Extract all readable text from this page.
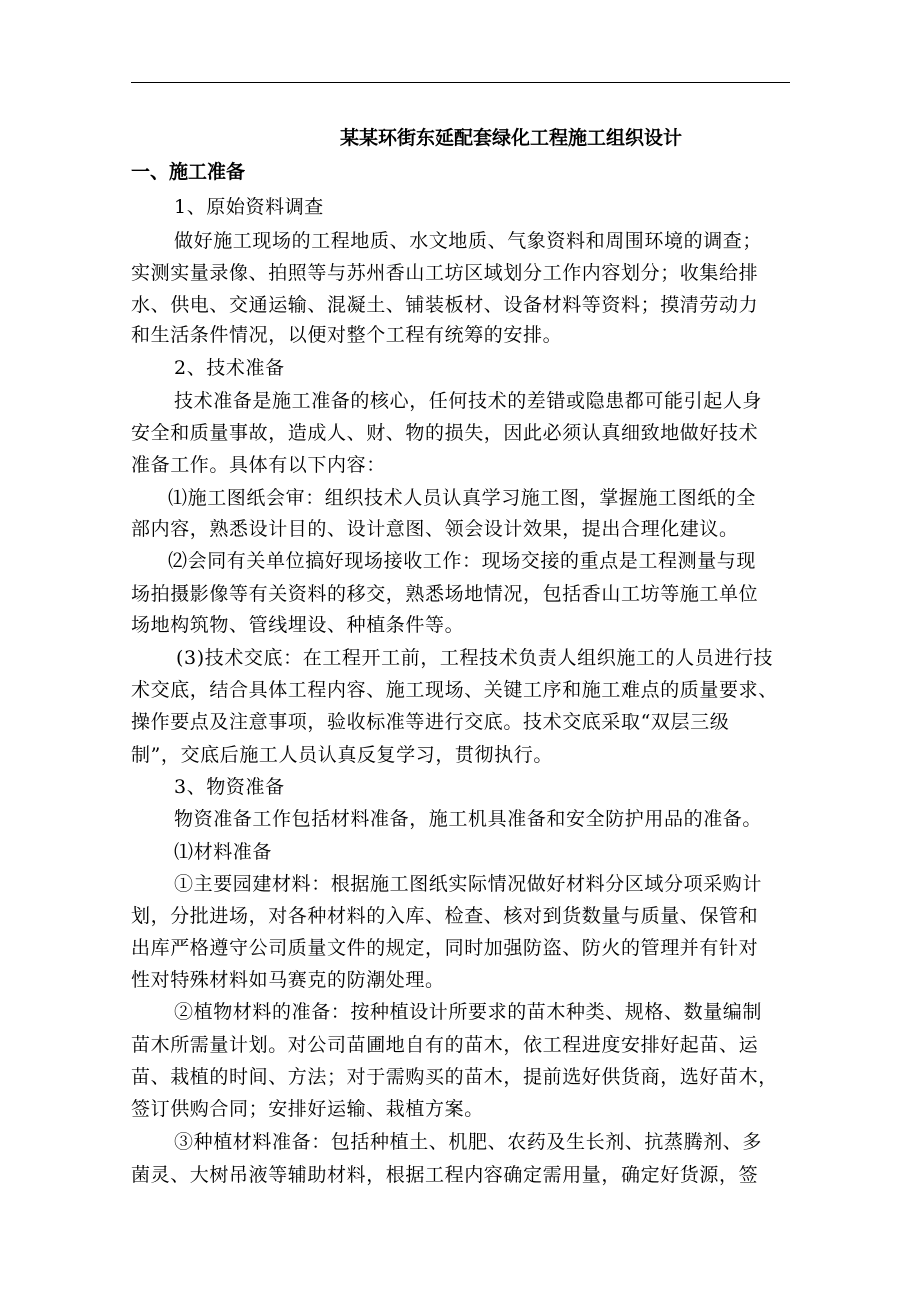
某某环街东延配套绿化工程施工组织设计
一、施工准备
1、原始资料调查
做好施工现场的工程地质、水文地质、气象资料和周围环境的调查；
实测实量录像、拍照等与苏州香山工坊区域划分工作内容划分；收集给排
水、供电、交通运输、混凝土、铺装板材、设备材料等资料；摸清劳动力
和生活条件情况，以便对整个工程有统筹的安排。
2、技术准备
技术准备是施工准备的核心，任何技术的差错或隐患都可能引起人身
安全和质量事故，造成人、财、物的损失，因此必须认真细致地做好技术
准备工作。具体有以下内容：
⑴施工图纸会审：组织技术人员认真学习施工图，掌握施工图纸的全
部内容，熟悉设计目的、设计意图、领会设计效果，提出合理化建议。
⑵会同有关单位搞好现场接收工作：现场交接的重点是工程测量与现
场拍摄影像等有关资料的移交，熟悉场地情况，包括香山工坊等施工单位
场地构筑物、管线埋设、种植条件等。
(3)技术交底：在工程开工前，工程技术负责人组织施工的人员进行技
术交底，结合具体工程内容、施工现场、关键工序和施工难点的质量要求、
操作要点及注意事项，验收标准等进行交底。技术交底采取“双层三级
制”，交底后施工人员认真反复学习，贯彻执行。
3、物资准备
物资准备工作包括材料准备，施工机具准备和安全防护用品的准备。
⑴材料准备
①主要园建材料：根据施工图纸实际情况做好材料分区域分项采购计
划，分批进场，对各种材料的入库、检查、核对到货数量与质量、保管和
出库严格遵守公司质量文件的规定，同时加强防盗、防火的管理并有针对
性对特殊材料如马赛克的防潮处理。
②植物材料的准备：按种植设计所要求的苗木种类、规格、数量编制
苗木所需量计划。对公司苗圃地自有的苗木，依工程进度安排好起苗、运
苗、栽植的时间、方法；对于需购买的苗木，提前选好供货商，选好苗木，
签订供购合同；安排好运输、栽植方案。
③种植材料准备：包括种植土、机肥、农药及生长剂、抗蒸腾剂、多
菌灵、大树吊液等辅助材料，根据工程内容确定需用量，确定好货源，签
